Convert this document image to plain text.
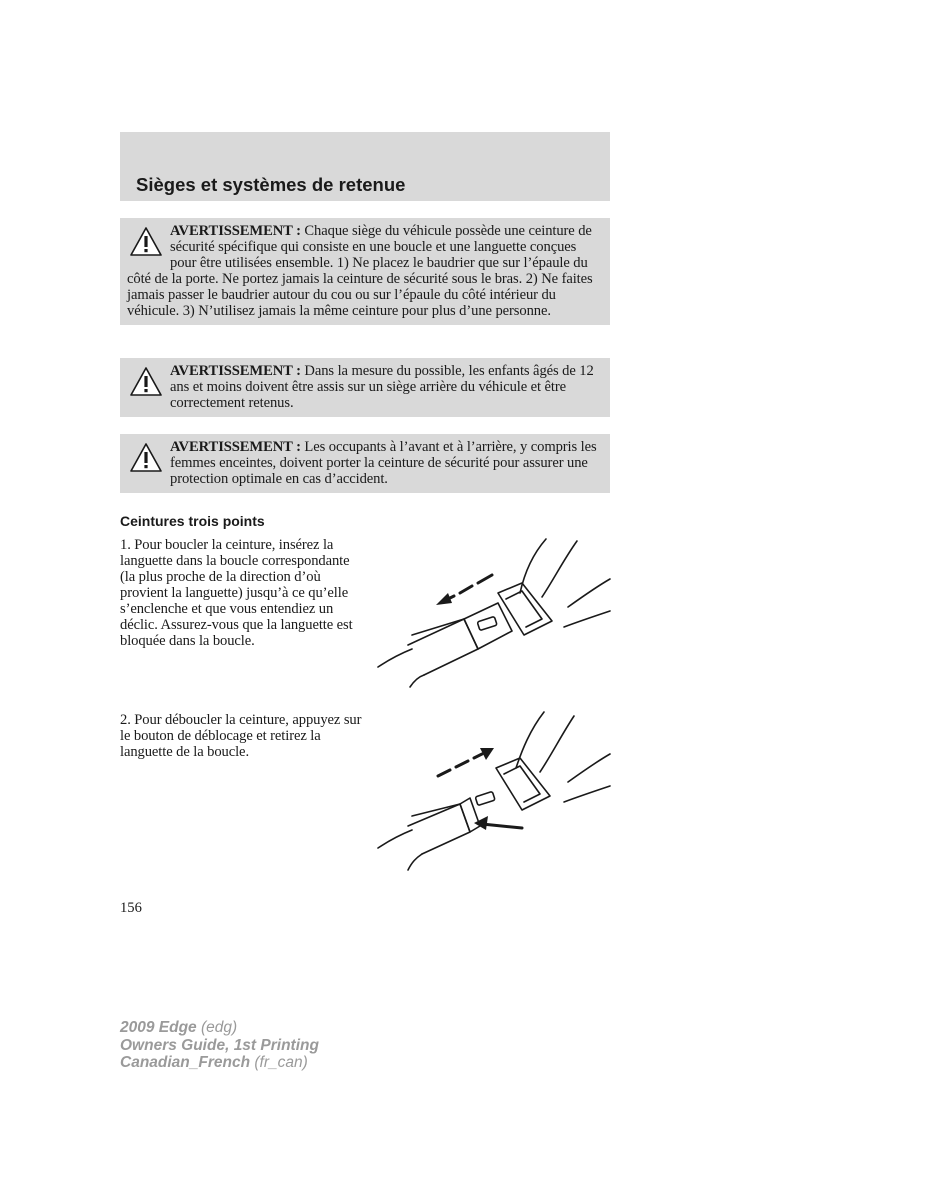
Sièges et systèmes de retenue

AVERTISSEMENT : Chaque siège du véhicule possède une ceinture de sécurité spécifique qui consiste en une boucle et une languette conçues pour être utilisées ensemble. 1) Ne placez le baudrier que sur l’épaule du côté de la porte. Ne portez jamais la ceinture de sécurité sous le bras. 2) Ne faites jamais passer le baudrier autour du cou ou sur l’épaule du côté intérieur du véhicule. 3) N’utilisez jamais la même ceinture pour plus d’une personne.

AVERTISSEMENT : Dans la mesure du possible, les enfants âgés de 12 ans et moins doivent être assis sur un siège arrière du véhicule et être correctement retenus.

AVERTISSEMENT : Les occupants à l’avant et à l’arrière, y compris les femmes enceintes, doivent porter la ceinture de sécurité pour assurer une protection optimale en cas d’accident.

Ceintures trois points

1. Pour boucler la ceinture, insérez la languette dans la boucle correspondante (la plus proche de la direction d’où provient la languette) jusqu’à ce qu’elle s’enclenche et que vous entendiez un déclic. Assurez-vous que la languette est bloquée dans la boucle.

2. Pour déboucler la ceinture, appuyez sur le bouton de déblocage et retirez la languette de la boucle.

156

2009 Edge (edg)
Owners Guide, 1st Printing
Canadian_French (fr_can)
